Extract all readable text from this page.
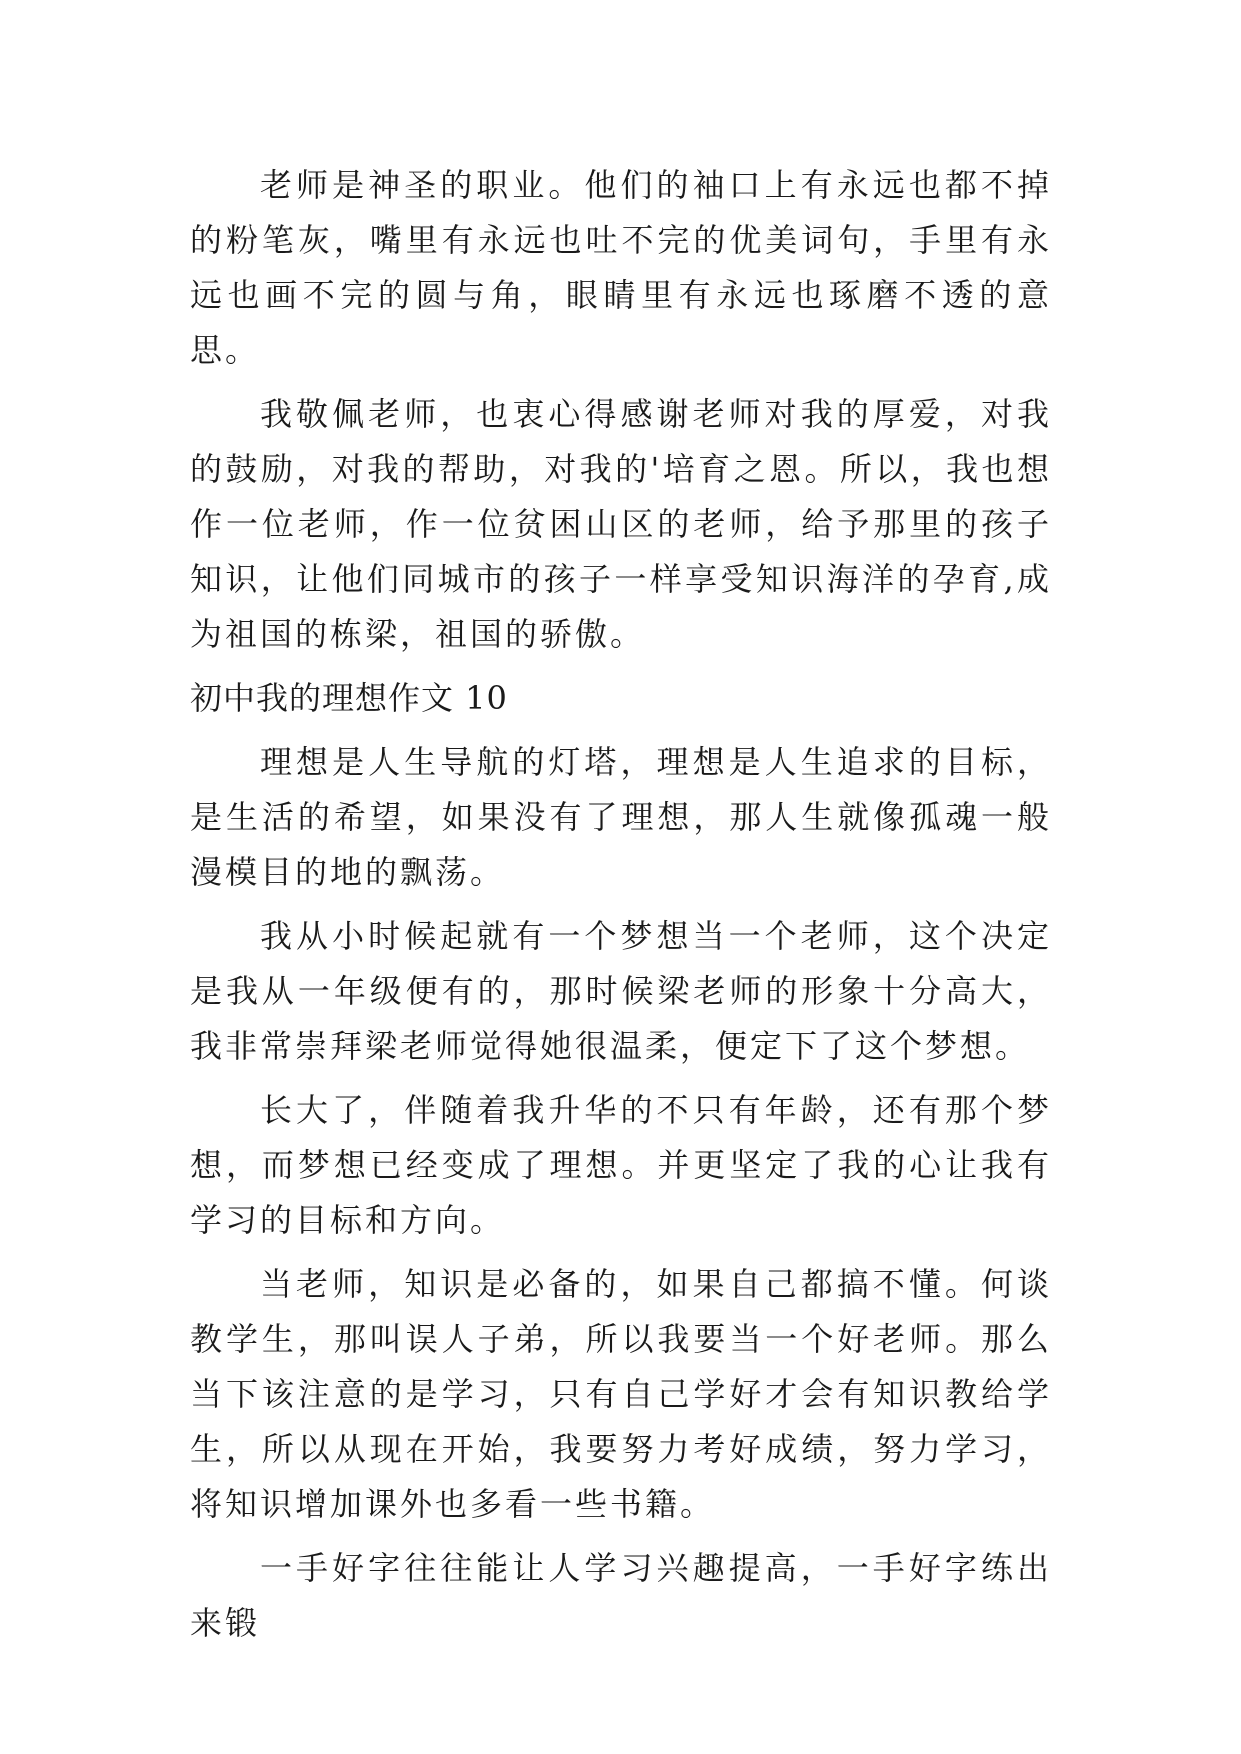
老师是神圣的职业。他们的袖口上有永远也都不掉的粉笔灰，嘴里有永远也吐不完的优美词句，手里有永远也画不完的圆与角，眼睛里有永远也琢磨不透的意思。

我敬佩老师，也衷心得感谢老师对我的厚爱，对我的鼓励，对我的帮助，对我的'培育之恩。所以，我也想作一位老师，作一位贫困山区的老师，给予那里的孩子知识，让他们同城市的孩子一样享受知识海洋的孕育,成为祖国的栋梁，祖国的骄傲。

初中我的理想作文 10

理想是人生导航的灯塔，理想是人生追求的目标，是生活的希望，如果没有了理想，那人生就像孤魂一般漫模目的地的飘荡。

我从小时候起就有一个梦想当一个老师，这个决定是我从一年级便有的，那时候梁老师的形象十分高大，我非常崇拜梁老师觉得她很温柔，便定下了这个梦想。

长大了，伴随着我升华的不只有年龄，还有那个梦想，而梦想已经变成了理想。并更坚定了我的心让我有学习的目标和方向。

当老师，知识是必备的，如果自己都搞不懂。何谈教学生，那叫误人子弟，所以我要当一个好老师。那么当下该注意的是学习，只有自己学好才会有知识教给学生，所以从现在开始，我要努力考好成绩，努力学习，将知识增加课外也多看一些书籍。

一手好字往往能让人学习兴趣提高，一手好字练出来锻
